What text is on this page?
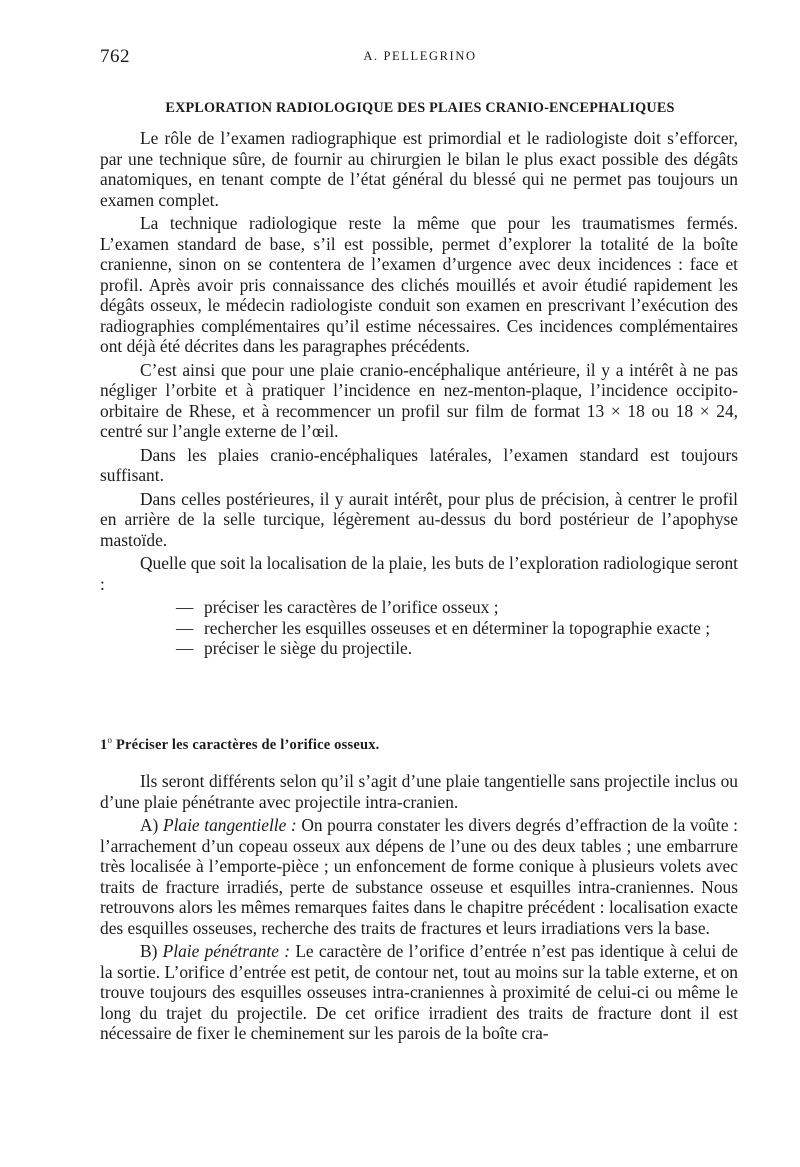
762	A. PELLEGRINO
EXPLORATION RADIOLOGIQUE DES PLAIES CRANIO-ENCEPHALIQUES

Le rôle de l’examen radiographique est primordial et le radiologiste doit s’efforcer, par une technique sûre, de fournir au chirurgien le bilan le plus exact possible des dégâts anatomiques, en tenant compte de l’état général du blessé qui ne permet pas toujours un examen complet.

La technique radiologique reste la même que pour les traumatismes fermés. L’examen standard de base, s’il est possible, permet d’explorer la totalité de la boîte cranienne, sinon on se contentera de l’examen d’urgence avec deux incidences : face et profil. Après avoir pris connaissance des clichés mouillés et avoir étudié rapidement les dégâts osseux, le médecin radiologiste conduit son examen en prescrivant l’exécution des radiographies complémentaires qu’il estime nécessaires. Ces incidences complémentaires ont déjà été décrites dans les paragraphes précédents.

C’est ainsi que pour une plaie cranio-encéphalique antérieure, il y a intérêt à ne pas négliger l’orbite et à pratiquer l’incidence en nez-menton-plaque, l’incidence occipito-orbitaire de Rhese, et à recommencer un profil sur film de format 13 × 18 ou 18 × 24, centré sur l’angle externe de l’œil.

Dans les plaies cranio-encéphaliques latérales, l’examen standard est toujours suffisant.

Dans celles postérieures, il y aurait intérêt, pour plus de précision, à centrer le profil en arrière de la selle turcique, légèrement au-dessus du bord postérieur de l’apophyse mastoïde.

Quelle que soit la localisation de la plaie, les buts de l’exploration radiologique seront :

— préciser les caractères de l’orifice osseux ;
— rechercher les esquilles osseuses et en déterminer la topographie exacte ;
— préciser le siège du projectile.
1$^o$ Préciser les caractères de l’orifice osseux.

Ils seront différents selon qu’il s’agit d’une plaie tangentielle sans projectile inclus ou d’une plaie pénétrante avec projectile intra-cranien.

A) Plaie tangentielle : On pourra constater les divers degrés d’effraction de la voûte : l’arrachement d’un copeau osseux aux dépens de l’une ou des deux tables ; une embarrure très localisée à l’emporte-pièce ; un enfoncement de forme conique à plusieurs volets avec traits de fracture irradiés, perte de substance osseuse et esquilles intra-craniennes. Nous retrouvons alors les mêmes remarques faites dans le chapitre précédent : localisation exacte des esquilles osseuses, recherche des traits de fractures et leurs irradiations vers la base.

B) Plaie pénétrante : Le caractère de l’orifice d’entrée n’est pas identique à celui de la sortie. L’orifice d’entrée est petit, de contour net, tout au moins sur la table externe, et on trouve toujours des esquilles osseuses intra-craniennes à proximité de celui-ci ou même le long du trajet du projectile. De cet orifice irradient des traits de fracture dont il est nécessaire de fixer le cheminement sur les parois de la boîte cra-
